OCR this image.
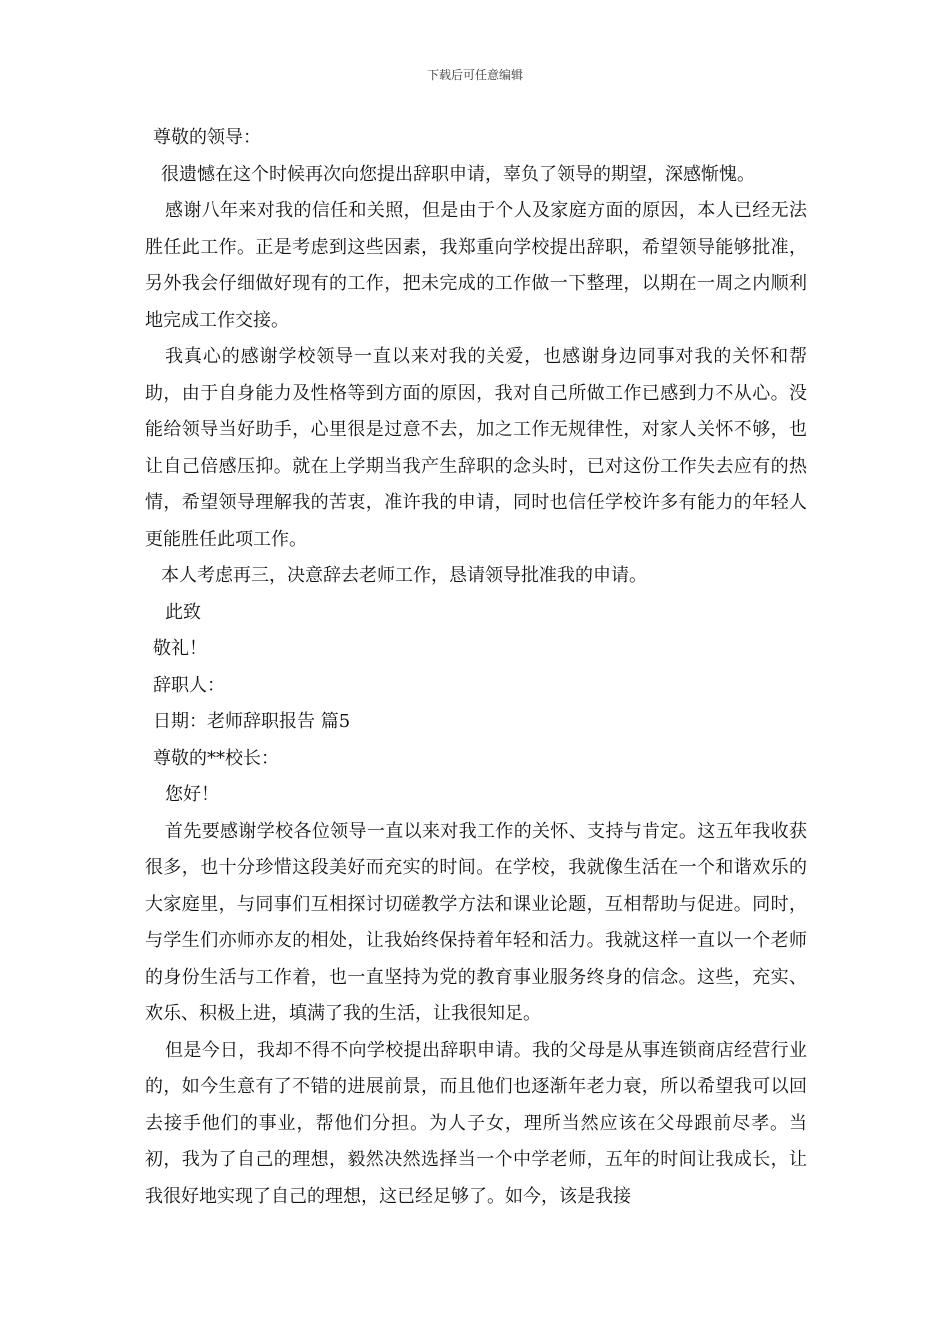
下载后可任意编辑
尊敬的领导：
很遗憾在这个时候再次向您提出辞职申请，辜负了领导的期望，深感惭愧。
感谢八年来对我的信任和关照，但是由于个人及家庭方面的原因，本人已经无法胜任此工作。正是考虑到这些因素，我郑重向学校提出辞职，希望领导能够批准，另外我会仔细做好现有的工作，把未完成的工作做一下整理，以期在一周之内顺利地完成工作交接。
我真心的感谢学校领导一直以来对我的关爱，也感谢身边同事对我的关怀和帮助，由于自身能力及性格等到方面的原因，我对自己所做工作已感到力不从心。没能给领导当好助手，心里很是过意不去，加之工作无规律性，对家人关怀不够，也让自己倍感压抑。就在上学期当我产生辞职的念头时，已对这份工作失去应有的热情，希望领导理解我的苦衷，准许我的申请，同时也信任学校许多有能力的年轻人更能胜任此项工作。
本人考虑再三，决意辞去老师工作，恳请领导批准我的申请。
此致
敬礼！
辞职人：
日期：老师辞职报告 篇5
尊敬的**校长：
您好！
首先要感谢学校各位领导一直以来对我工作的关怀、支持与肯定。这五年我收获很多，也十分珍惜这段美好而充实的时间。在学校，我就像生活在一个和谐欢乐的大家庭里，与同事们互相探讨切磋教学方法和课业论题，互相帮助与促进。同时，与学生们亦师亦友的相处，让我始终保持着年轻和活力。我就这样一直以一个老师的身份生活与工作着，也一直坚持为党的教育事业服务终身的信念。这些，充实、欢乐、积极上进，填满了我的生活，让我很知足。
但是今日，我却不得不向学校提出辞职申请。我的父母是从事连锁商店经营行业的，如今生意有了不错的进展前景，而且他们也逐渐年老力衰，所以希望我可以回去接手他们的事业，帮他们分担。为人子女，理所当然应该在父母跟前尽孝。当初，我为了自己的理想，毅然决然选择当一个中学老师，五年的时间让我成长，让我很好地实现了自己的理想，这已经足够了。如今，该是我接
